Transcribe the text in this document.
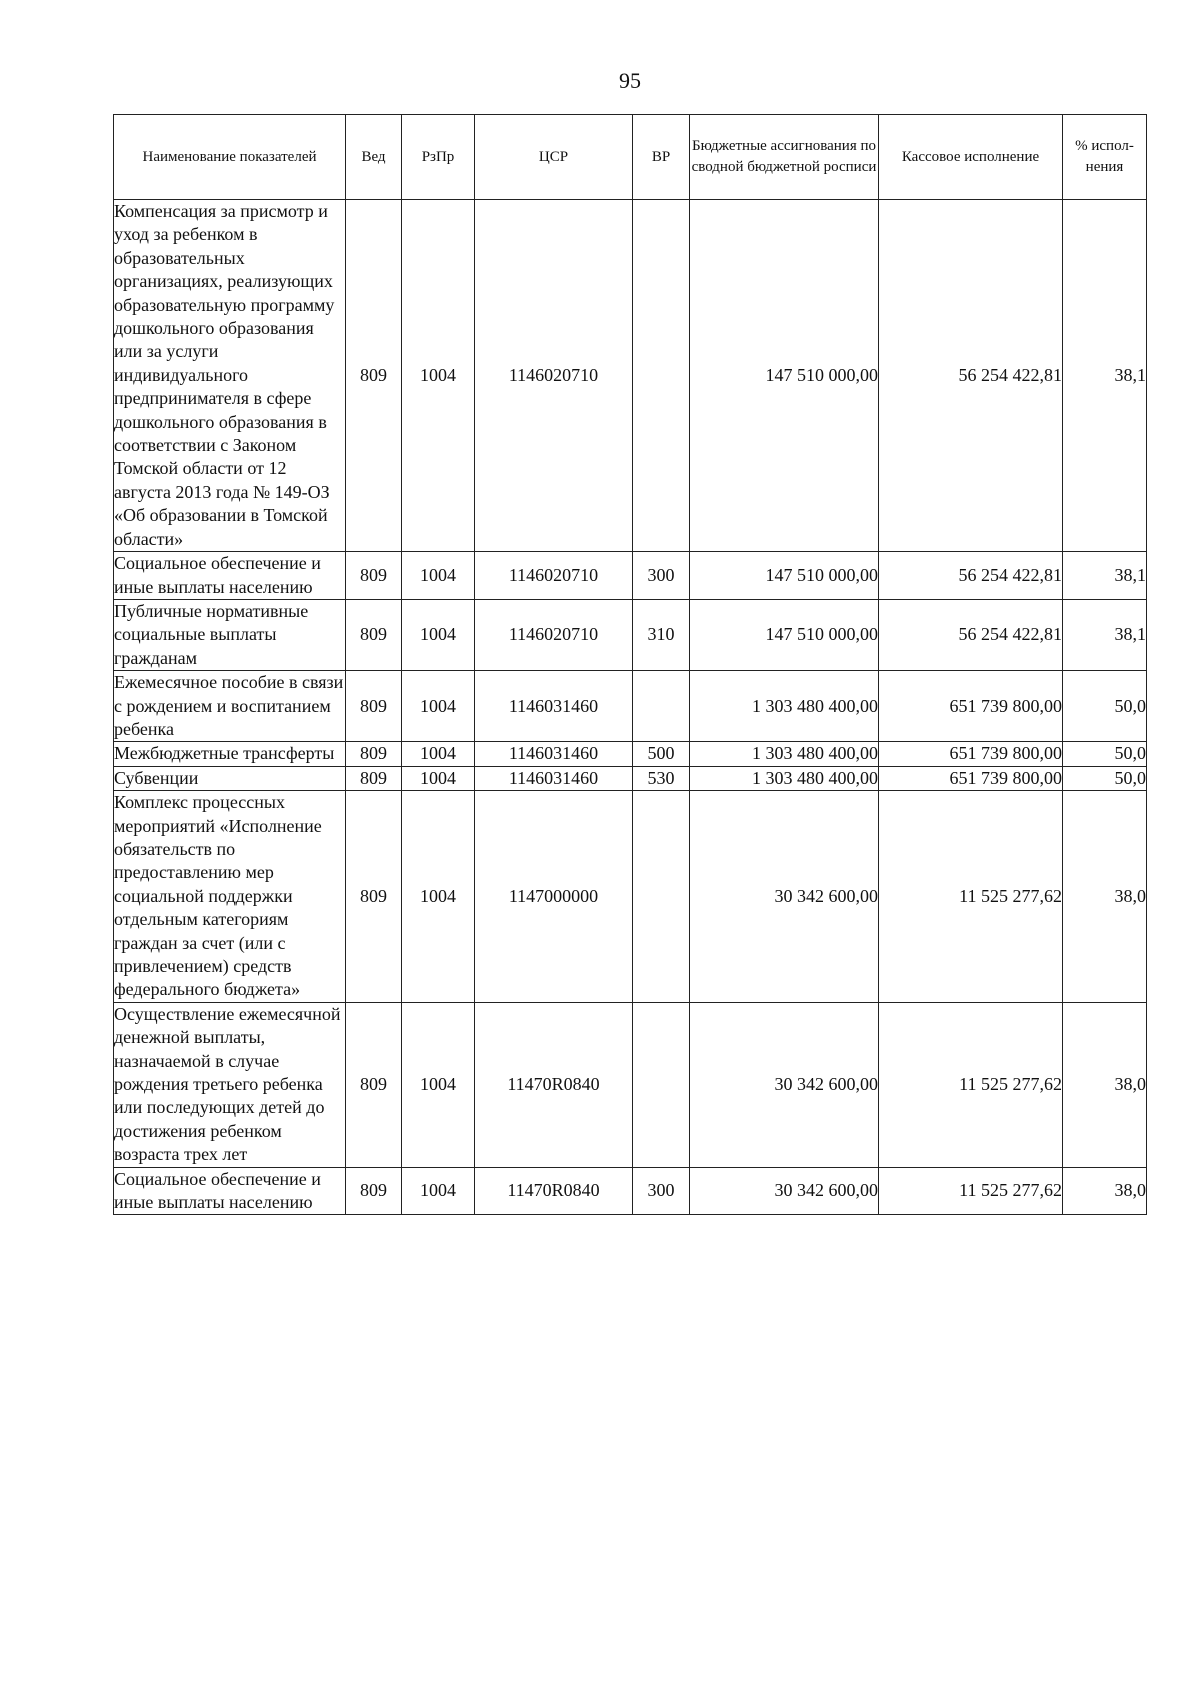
95
Наименование показателей	Вед	РзПр	ЦСР	ВР	Бюджетные ассигнования по сводной бюджетной росписи	Кассовое исполнение	% испол- нения
Компенсация за присмотр и уход за ребенком в образовательных организациях, реализующих образовательную программу дошкольного образования или за услуги индивидуального предпринимателя в сфере дошкольного образования в соответствии с Законом Томской области от 12 августа 2013 года № 149-ОЗ «Об образовании в Томской области»	809	1004	1146020710		147 510 000,00	56 254 422,81	38,1
Социальное обеспечение и иные выплаты населению	809	1004	1146020710	300	147 510 000,00	56 254 422,81	38,1
Публичные нормативные социальные выплаты гражданам	809	1004	1146020710	310	147 510 000,00	56 254 422,81	38,1
Ежемесячное пособие в связи с рождением и воспитанием ребенка	809	1004	1146031460		1 303 480 400,00	651 739 800,00	50,0
Межбюджетные трансферты	809	1004	1146031460	500	1 303 480 400,00	651 739 800,00	50,0
Субвенции	809	1004	1146031460	530	1 303 480 400,00	651 739 800,00	50,0
Комплекс процессных мероприятий «Исполнение обязательств по предоставлению мер социальной поддержки отдельным категориям граждан за счет (или с привлечением) средств федерального бюджета»	809	1004	1147000000		30 342 600,00	11 525 277,62	38,0
Осуществление ежемесячной денежной выплаты, назначаемой в случае рождения третьего ребенка или последующих детей до достижения ребенком возраста трех лет	809	1004	11470R0840		30 342 600,00	11 525 277,62	38,0
Социальное обеспечение и иные выплаты населению	809	1004	11470R0840	300	30 342 600,00	11 525 277,62	38,0
